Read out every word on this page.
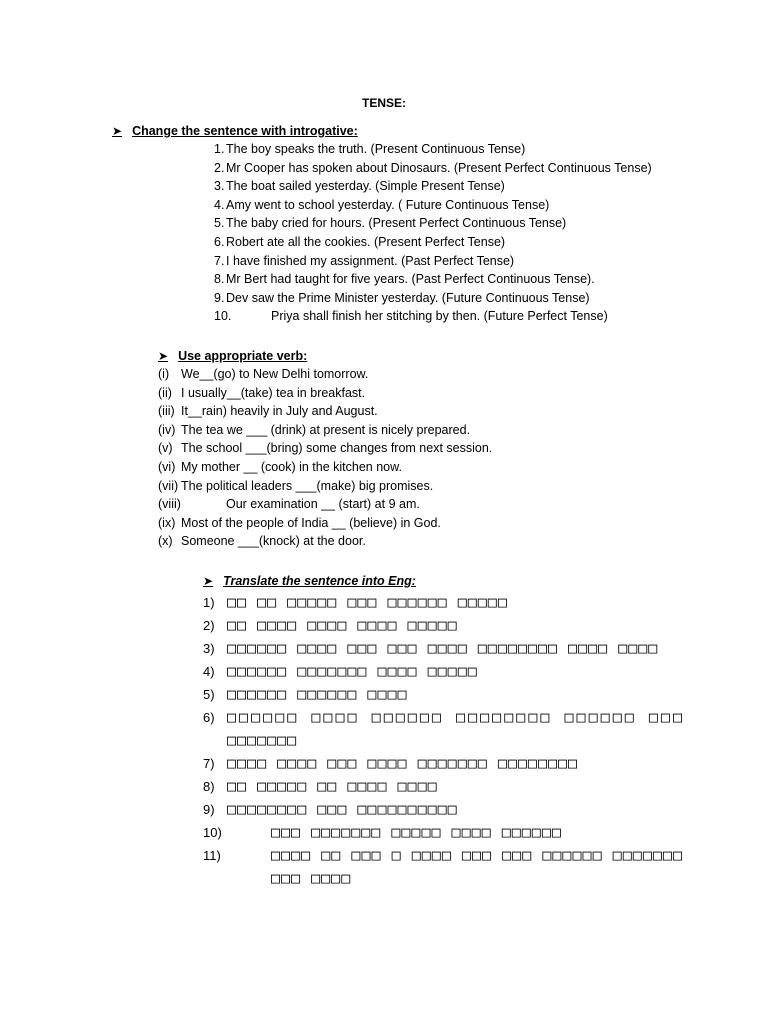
TENSE:
➤ Change the sentence with introgative:
1. The boy speaks the truth. (Present Continuous Tense)
2. Mr Cooper has spoken about Dinosaurs. (Present Perfect Continuous Tense)
3. The boat sailed yesterday. (Simple Present Tense)
4. Amy went to school yesterday. ( Future Continuous Tense)
5. The baby cried for hours. (Present Perfect Continuous Tense)
6. Robert ate all the cookies. (Present Perfect Tense)
7. I have finished my assignment. (Past Perfect Tense)
8. Mr Bert had taught for five years. (Past Perfect Continuous Tense).
9. Dev saw the Prime Minister yesterday. (Future Continuous Tense)
10.	Priya shall finish her stitching by then. (Future Perfect Tense)
➤ Use appropriate verb:
(i) We__(go) to New Delhi tomorrow.
(ii) I usually__(take) tea in breakfast.
(iii) It__rain) heavily in July and August.
(iv) The tea we ___ (drink) at present is nicely prepared.
(v) The school ___(bring) some changes from next session.
(vi) My mother __ (cook) in the kitchen now.
(vii) The political leaders ___(make) big promises.
(viii)	Our examination __ (start) at 9 am.
(ix) Most of the people of India __ (believe) in God.
(x) Someone ___(knock) at the door.
➤ Translate the sentence into Eng:
1) □□ □□ □□□□□ □□□ □□□□□□ □□□□□
2) □□ □□□□ □□□□ □□□□ □□□□□
3) □□□□□□ □□□□ □□□ □□□ □□□□ □□□□□□□□ □□□□ □□□□
4) □□□□□□ □□□□□□□ □□□□ □□□□□
5) □□□□□□ □□□□□□ □□□□
6) □□□□□□ □□□□ □□□□□□ □□□□□□□□ □□□□□□ □□□ □□□□□□□
7) □□□□ □□□□ □□□ □□□□ □□□□□□□ □□□□□□□□
8) □□ □□□□□ □□ □□□□ □□□□
9) □□□□□□□□ □□□ □□□□□□□□□□
10)	□□□ □□□□□□□ □□□□□ □□□□ □□□□□□
11)	□□□□ □□ □□□ □ □□□□ □□□ □□□ □□□□□□ □□□□□□□ □□□ □□□□
